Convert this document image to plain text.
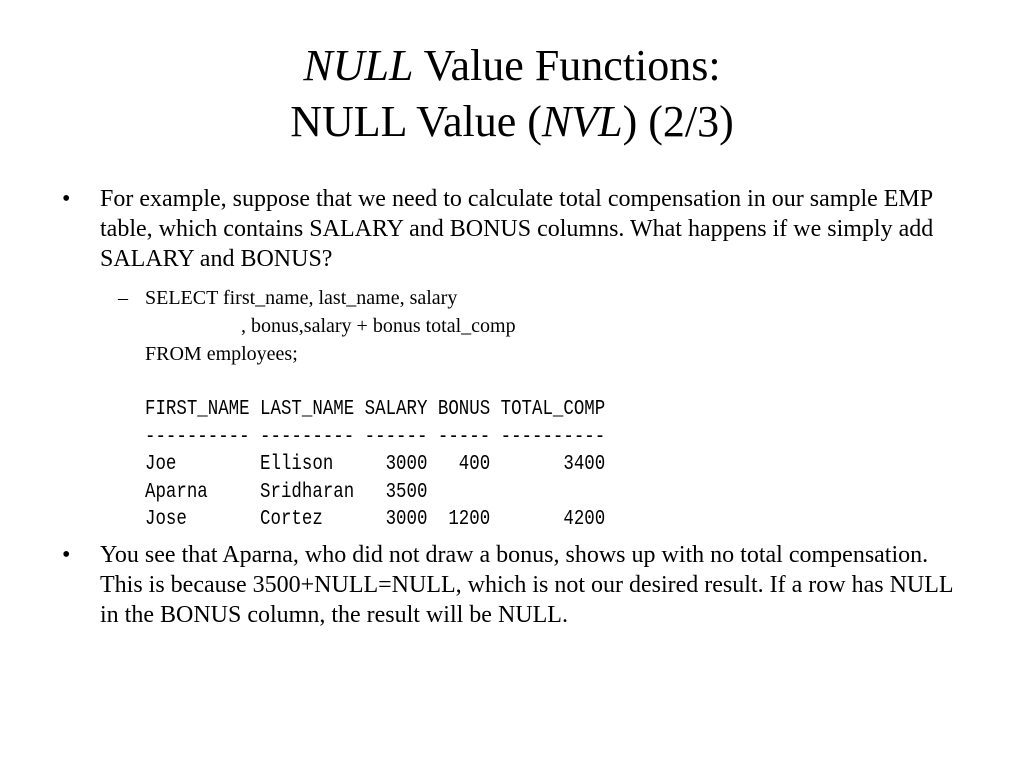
NULL Value Functions:
NULL Value (NVL) (2/3)
•	For example, suppose that we need to calculate total compensation in our sample EMP table, which contains SALARY and BONUS columns. What happens if we simply add SALARY and BONUS?
– SELECT first_name, last_name, salary
, bonus,salary + bonus total_comp
FROM employees;
FIRST_NAME LAST_NAME SALARY BONUS TOTAL_COMP
---------- --------- ------ ----- ----------
Joe        Ellison     3000   400       3400
Aparna     Sridharan   3500
Jose       Cortez      3000  1200       4200
•	You see that Aparna, who did not draw a bonus, shows up with no total compensation. This is because 3500+NULL=NULL, which is not our desired result. If a row has NULL in the BONUS column, the result will be NULL.
